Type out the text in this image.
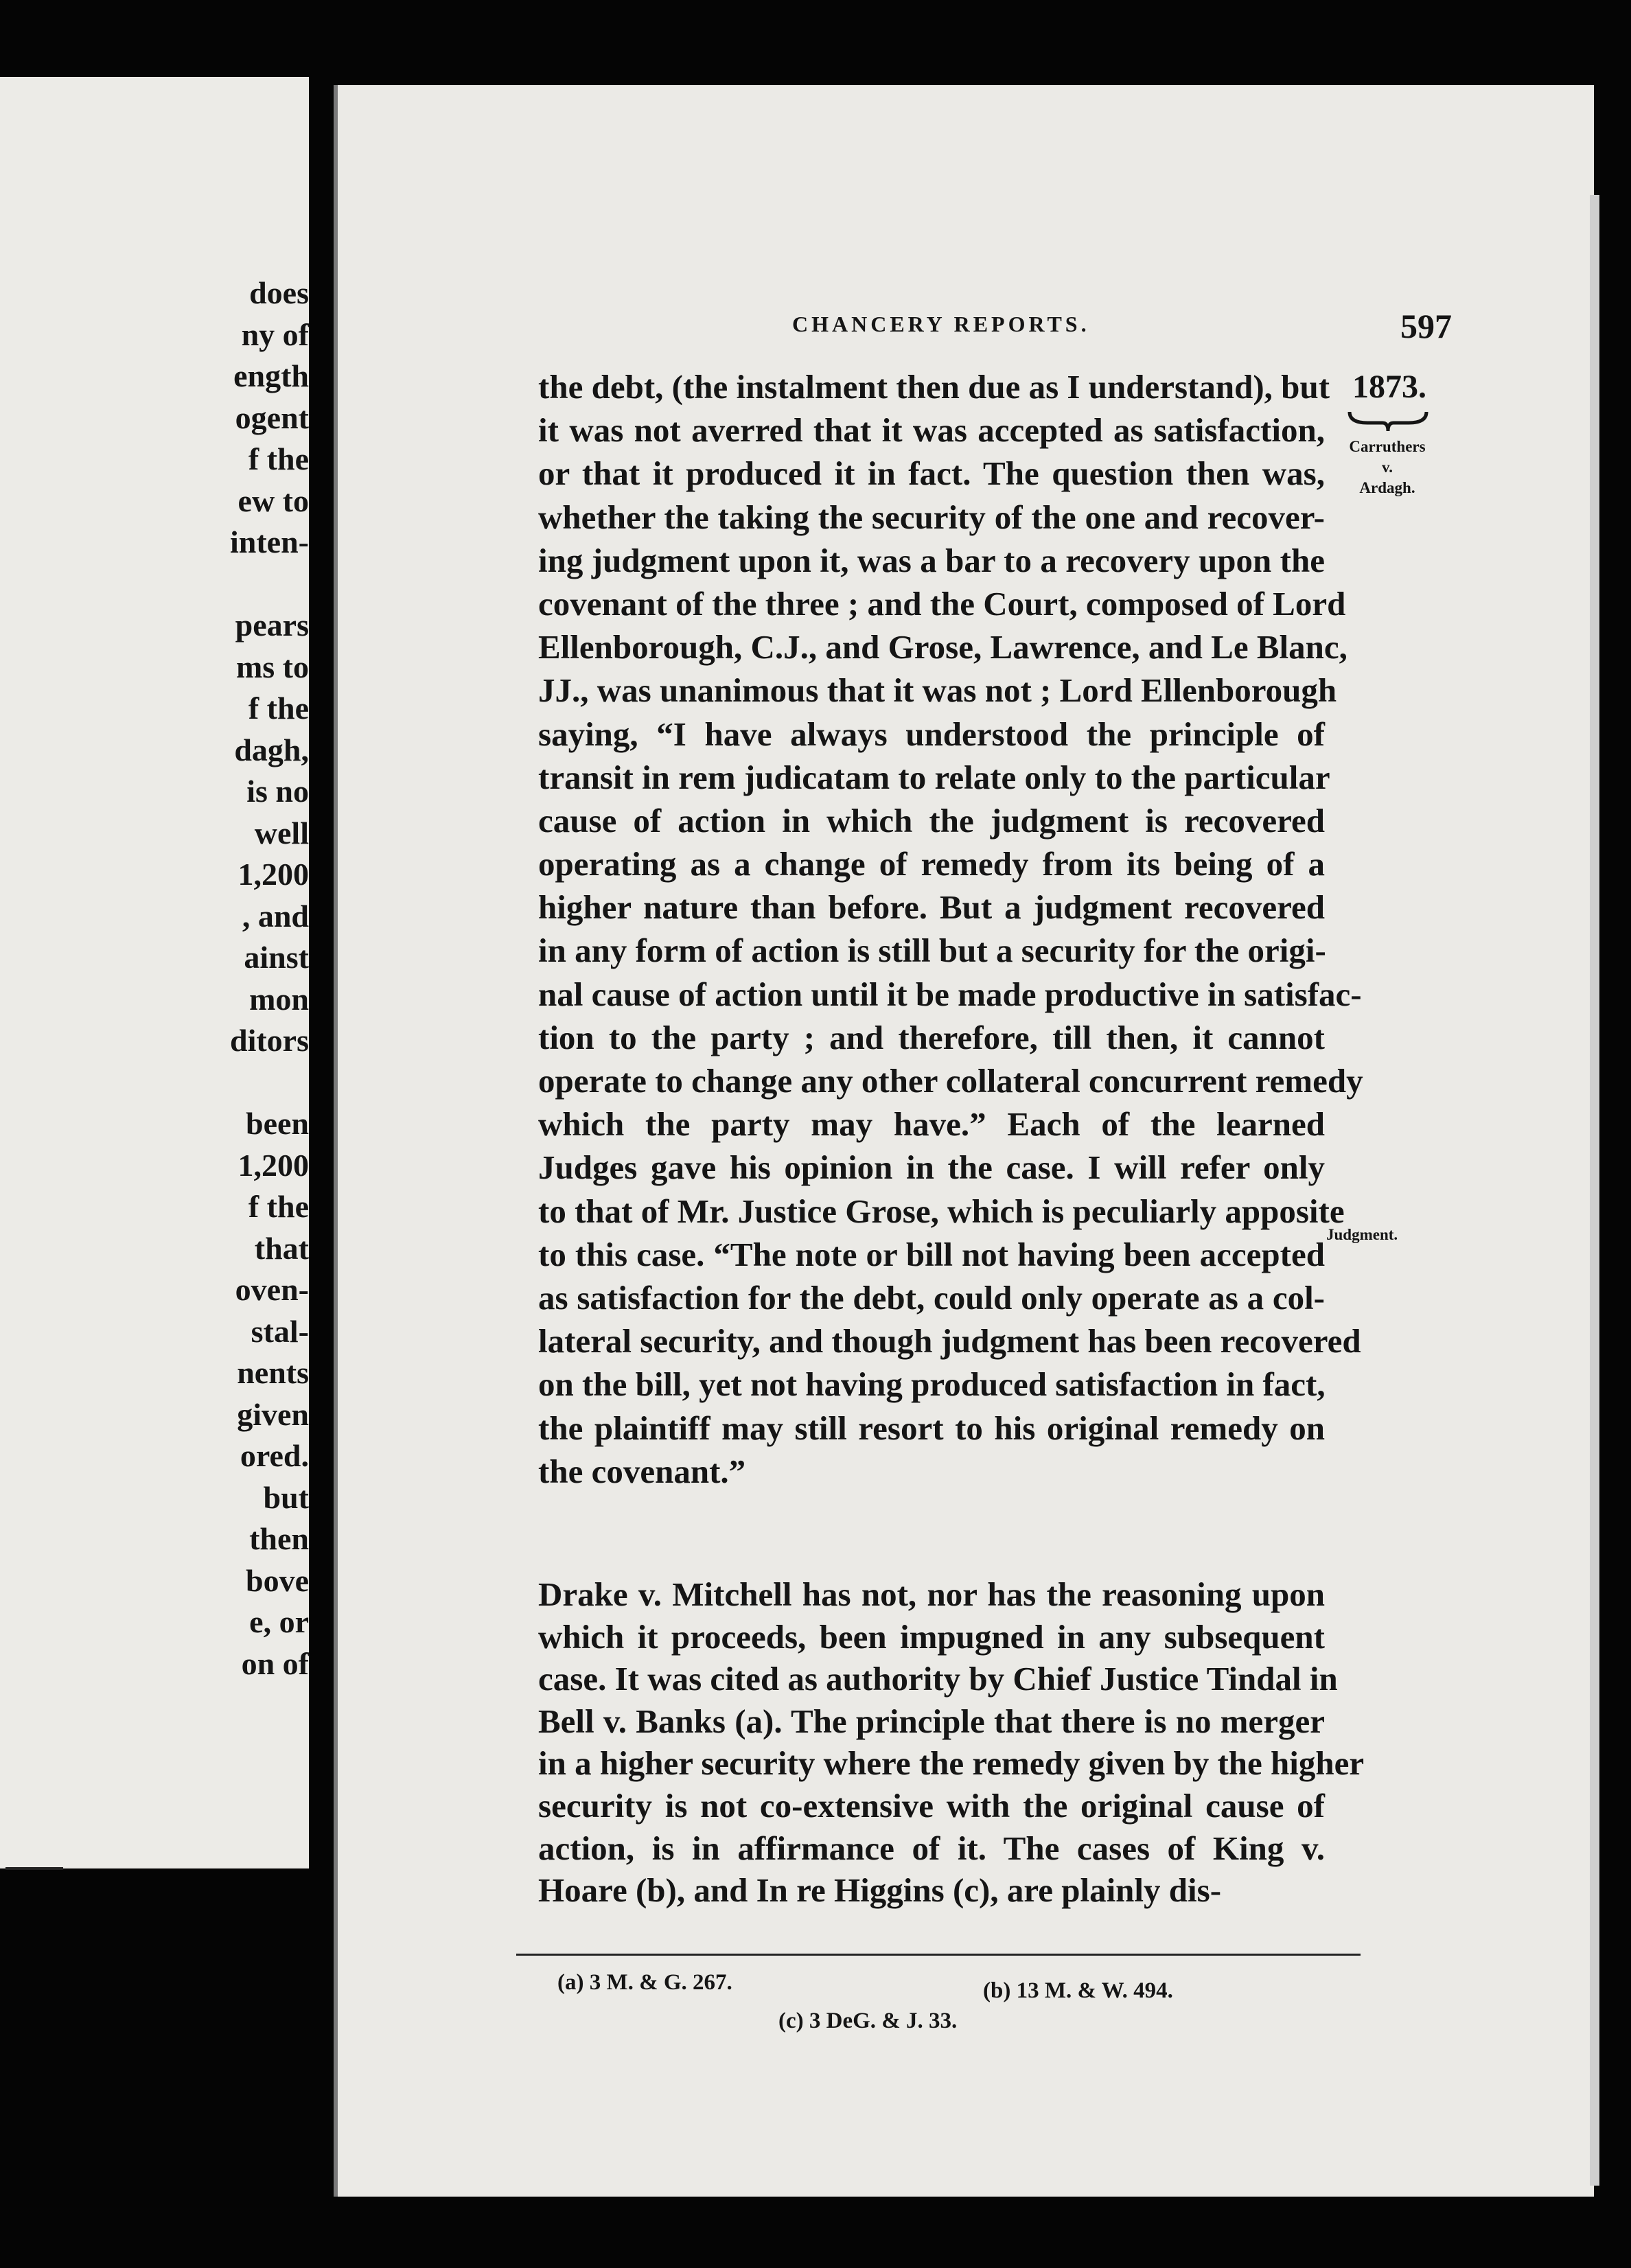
does
ny of
ength
ogent
f the
ew to
inten-
pears
ms to
f the
dagh,
is no
well
1,200
, and
ainst
mon
ditors
been
1,200
f the
that
oven-
stal-
nents
given
ored.
but
then
bove
e, or
on of
CHANCERY REPORTS.	597
1873.
Carruthers
v.
Ardagh.
Judgment.
the debt, (the instalment then due as I understand), but
it was not averred that it was accepted as satisfaction,
or that it produced it in fact. The question then was,
whether the taking the security of the one and recover-
ing judgment upon it, was a bar to a recovery upon the
covenant of the three ; and the Court, composed of Lord
Ellenborough, C.J., and Grose, Lawrence, and Le Blanc,
JJ., was unanimous that it was not ; Lord Ellenborough
saying, “I have always understood the principle of
transit in rem judicatam to relate only to the particular
cause of action in which the judgment is recovered
operating as a change of remedy from its being of a
higher nature than before. But a judgment recovered
in any form of action is still but a security for the origi-
nal cause of action until it be made productive in satisfac-
tion to the party ; and therefore, till then, it cannot
operate to change any other collateral concurrent remedy
which the party may have.” Each of the learned
Judges gave his opinion in the case. I will refer only
to that of Mr. Justice Grose, which is peculiarly apposite
to this case. “The note or bill not having been accepted
as satisfaction for the debt, could only operate as a col-
lateral security, and though judgment has been recovered
on the bill, yet not having produced satisfaction in fact,
the plaintiff may still resort to his original remedy on
the covenant.”
Drake v. Mitchell has not, nor has the reasoning upon
which it proceeds, been impugned in any subsequent
case. It was cited as authority by Chief Justice Tindal in
Bell v. Banks (a). The principle that there is no merger
in a higher security where the remedy given by the higher
security is not co-extensive with the original cause of
action, is in affirmance of it. The cases of King v.
Hoare (b), and In re Higgins (c), are plainly dis-
(a) 3 M. & G. 267.	(b) 13 M. & W. 494.
(c) 3 DeG. & J. 33.
